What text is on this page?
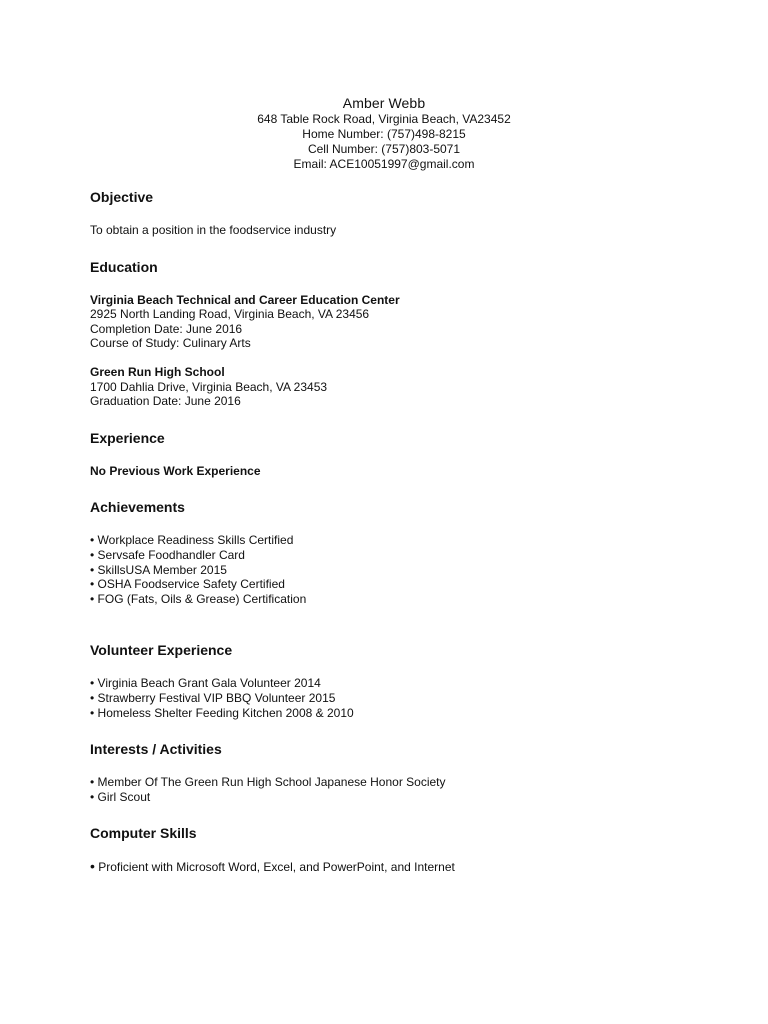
Amber Webb
648 Table Rock Road, Virginia Beach, VA23452
Home Number: (757)498-8215
Cell Number: (757)803-5071
Email: ACE10051997@gmail.com

Objective

To obtain a position in the foodservice industry

Education

Virginia Beach Technical and Career Education Center

2925 North Landing Road, Virginia Beach, VA 23456

Completion Date: June 2016

Course of Study: Culinary Arts

Green Run High School

1700 Dahlia Drive, Virginia Beach, VA 23453

Graduation Date: June 2016

Experience

No Previous Work Experience

Achievements

• Workplace Readiness Skills Certified

• Servsafe Foodhandler Card

• SkillsUSA Member 2015

• OSHA Foodservice Safety Certified

• FOG (Fats, Oils & Grease) Certification

Volunteer Experience

• Virginia Beach Grant Gala Volunteer 2014

• Strawberry Festival VIP BBQ Volunteer 2015

• Homeless Shelter Feeding Kitchen 2008 & 2010

Interests / Activities

• Member Of The Green Run High School Japanese Honor Society

• Girl Scout

Computer Skills

• Proficient with Microsoft Word, Excel, and PowerPoint, and Internet
